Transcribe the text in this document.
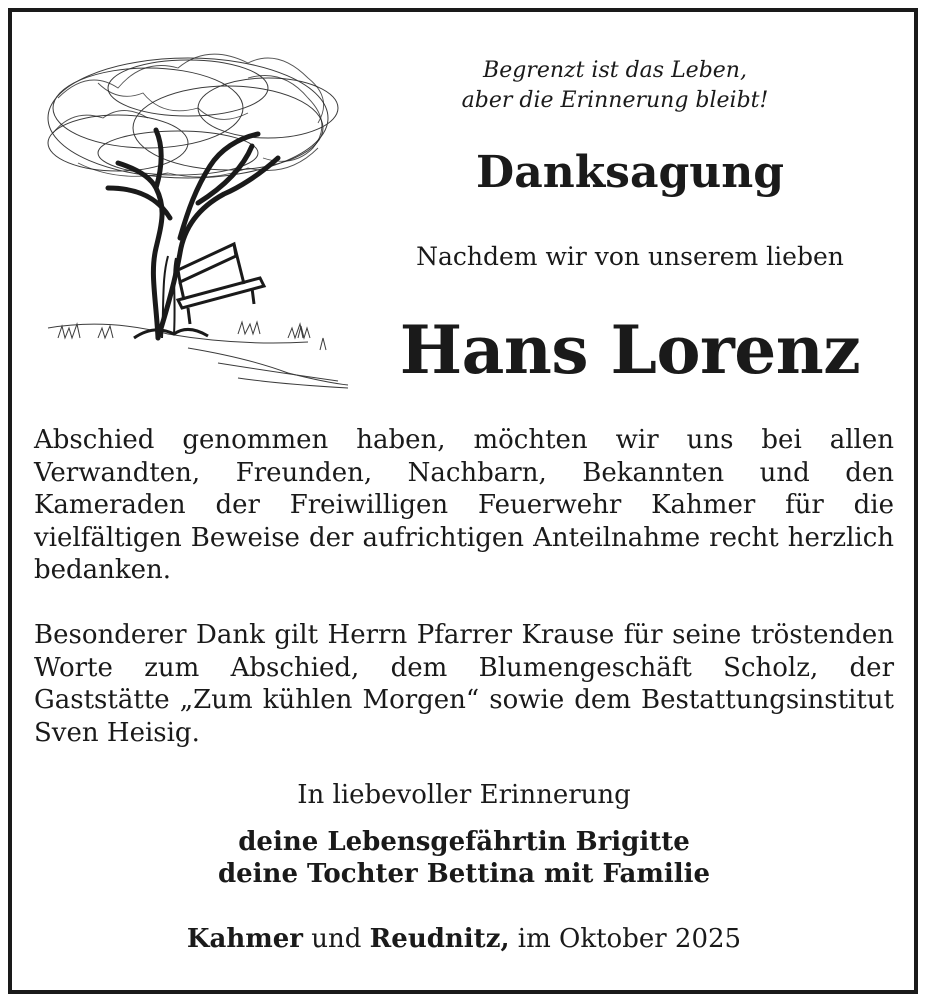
Begrenzt ist das Leben,
aber die Erinnerung bleibt!
Danksagung
Nachdem wir von unserem lieben
Hans Lorenz

Abschied genommen haben, möchten wir uns bei allen Verwandten, Freunden, Nachbarn, Bekannten und den Kameraden der Freiwilligen Feuerwehr Kahmer für die vielfältigen Beweise der aufrichtigen Anteilnahme recht herzlich bedanken.

Besonderer Dank gilt Herrn Pfarrer Krause für seine tröstenden Worte zum Abschied, dem Blumengeschäft Scholz, der Gaststätte „Zum kühlen Morgen“ sowie dem Bestattungsinstitut Sven Heisig.

In liebevoller Erinnerung
deine Lebensgefährtin Brigitte
deine Tochter Bettina mit Familie
Kahmer und Reudnitz, im Oktober 2025
